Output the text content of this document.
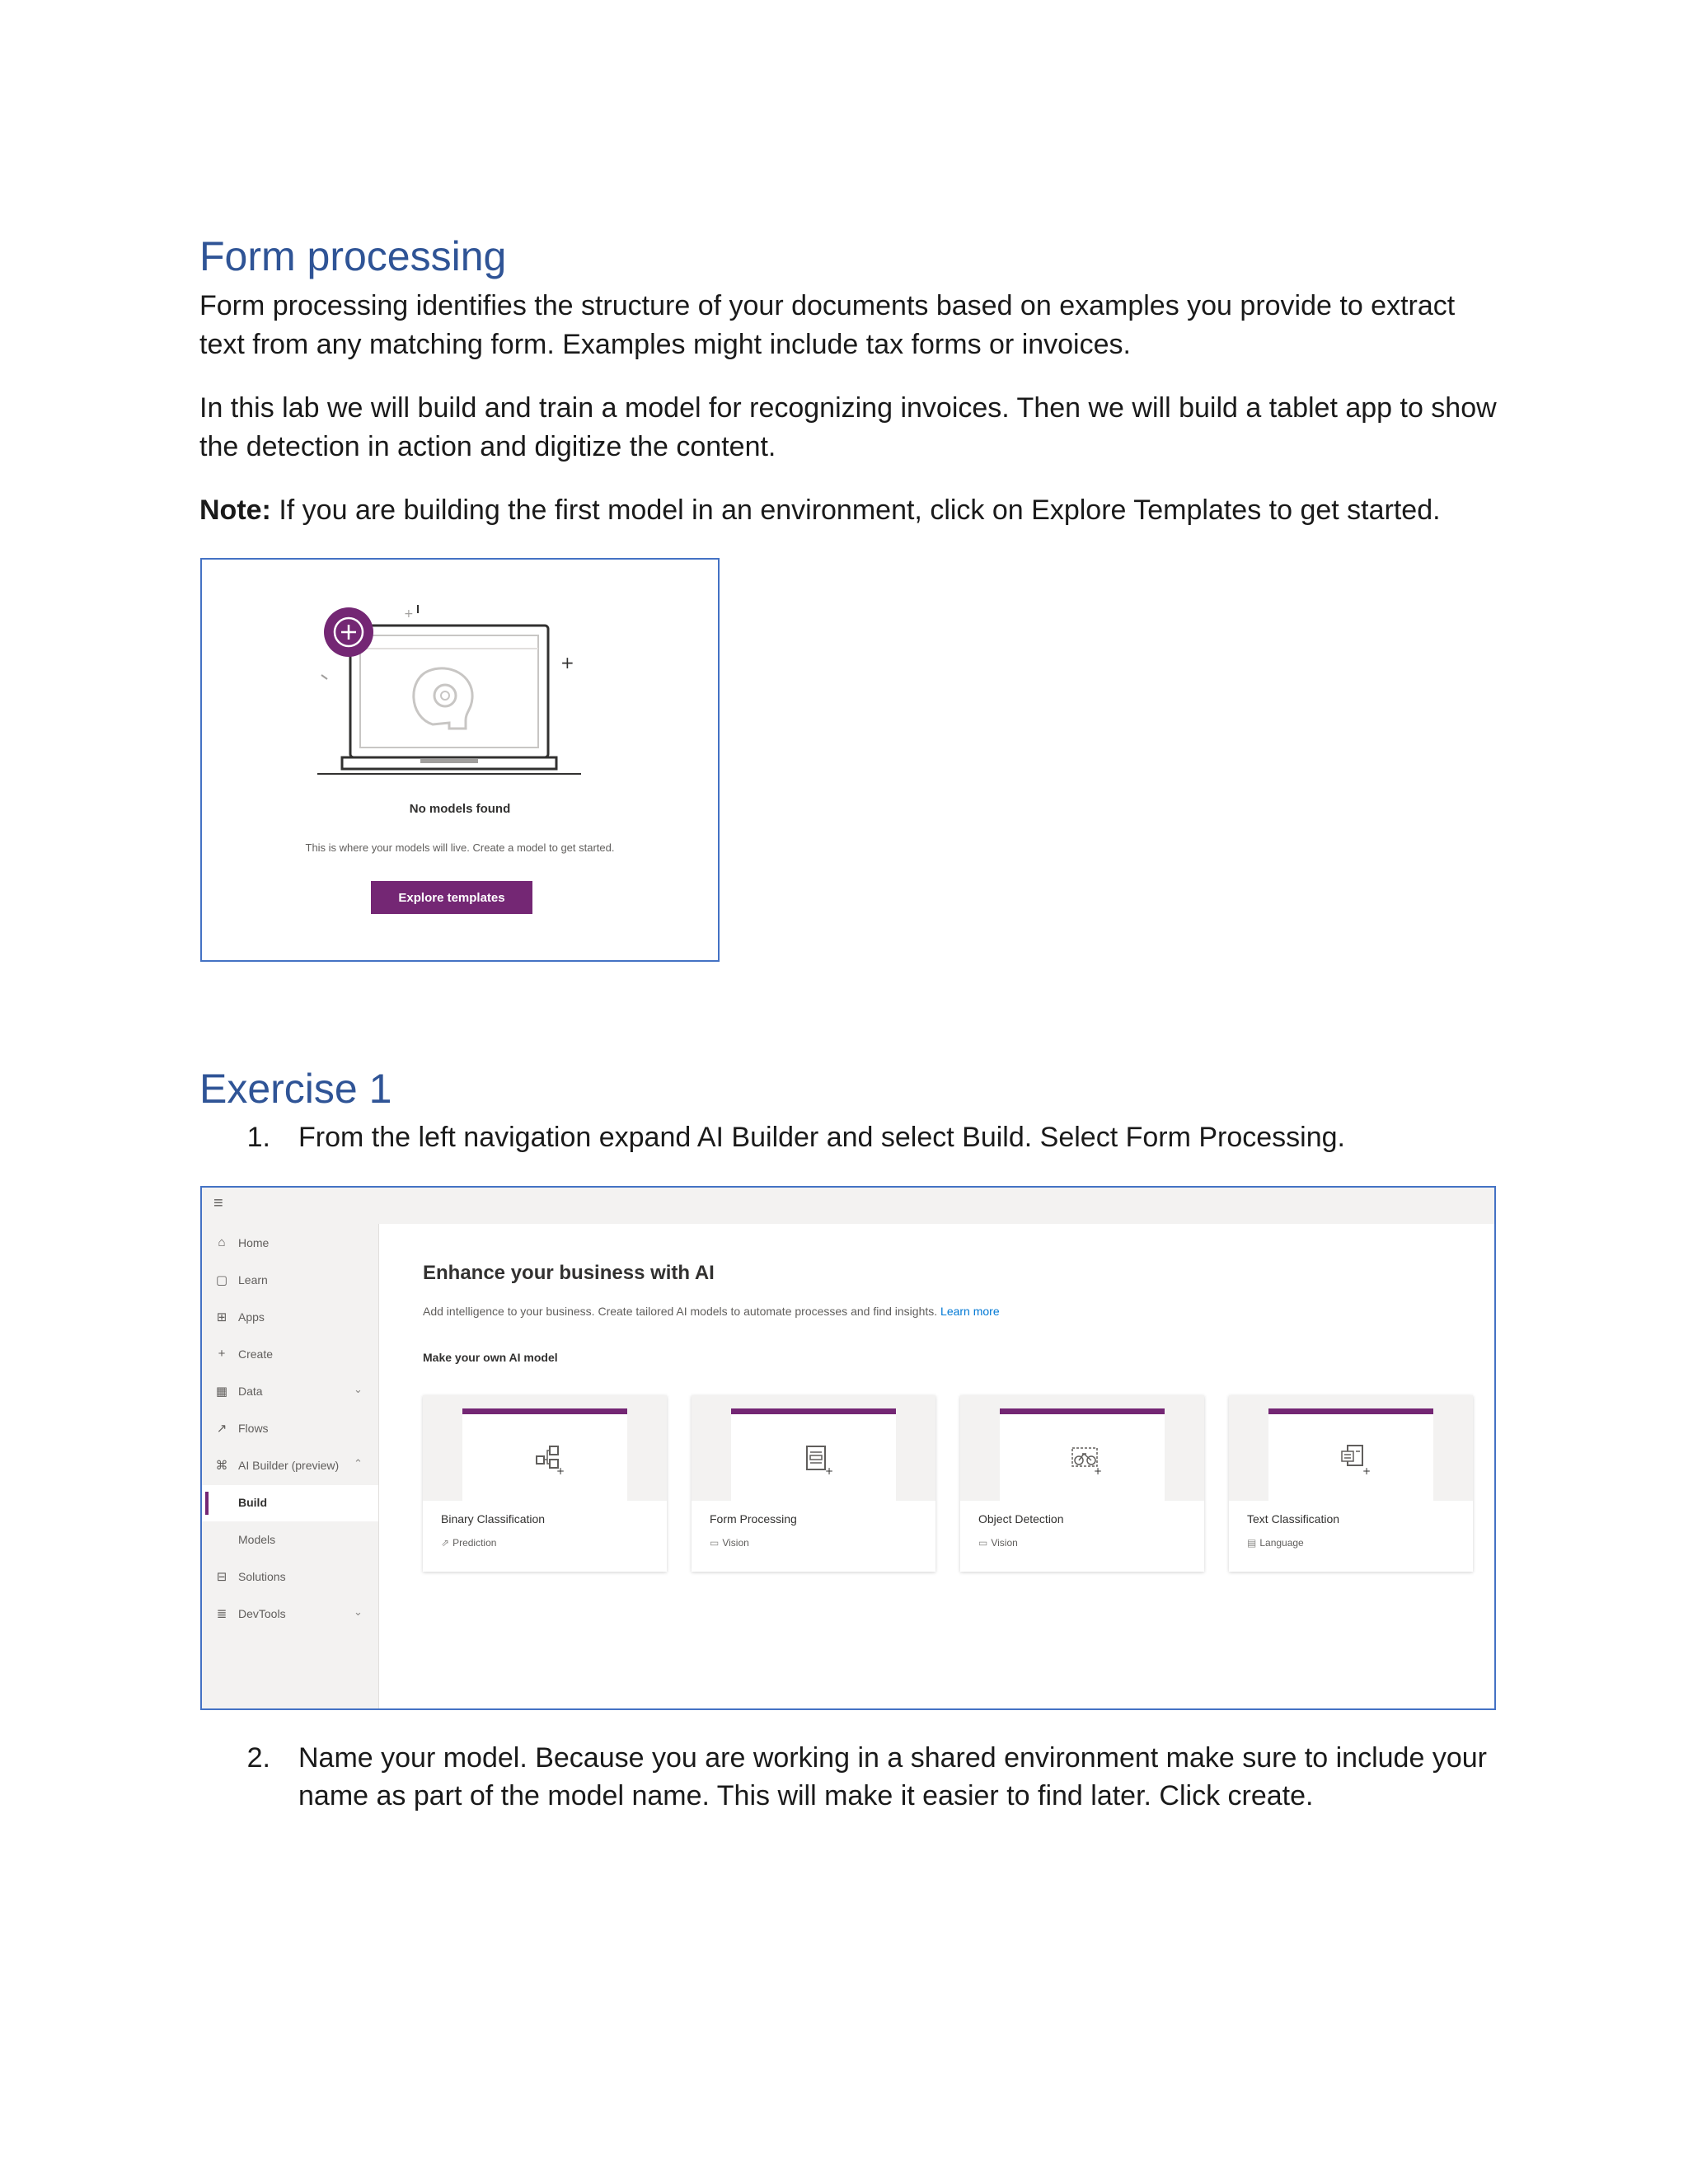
Form processing

Form processing identifies the structure of your documents based on examples you provide to extract text from any matching form. Examples might include tax forms or invoices.

In this lab we will build and train a model for recognizing invoices. Then we will build a tablet app to show the detection in action and digitize the content.

Note: If you are building the first model in an environment, click on Explore Templates to get started.

+
+
No models found
This is where your models will live. Create a model to get started.
Explore templates
Exercise 1
1. From the left navigation expand AI Builder and select Build. Select Form Processing.

≡
⌂	Home
▢ Learn
⊞ Apps
+	Create
▦ Data	⌄
↗ Flows
⌘ AI Builder (preview) ⌃
Build
Models
⊟ Solutions
≣ DevTools	⌄
Enhance your business with AI
Add intelligence to your business. Create tailored AI models to automate processes and find insights. Learn more
Make your own AI model
+
Binary Classification
⇗ Prediction
+
Form Processing
▭ Vision
+
Object Detection
▭ Vision
+
Text Classification
▤ Language
2. Name your model. Because you are working in a shared environment make sure to include your name as part of the model name. This will make it easier to find later. Click create.
